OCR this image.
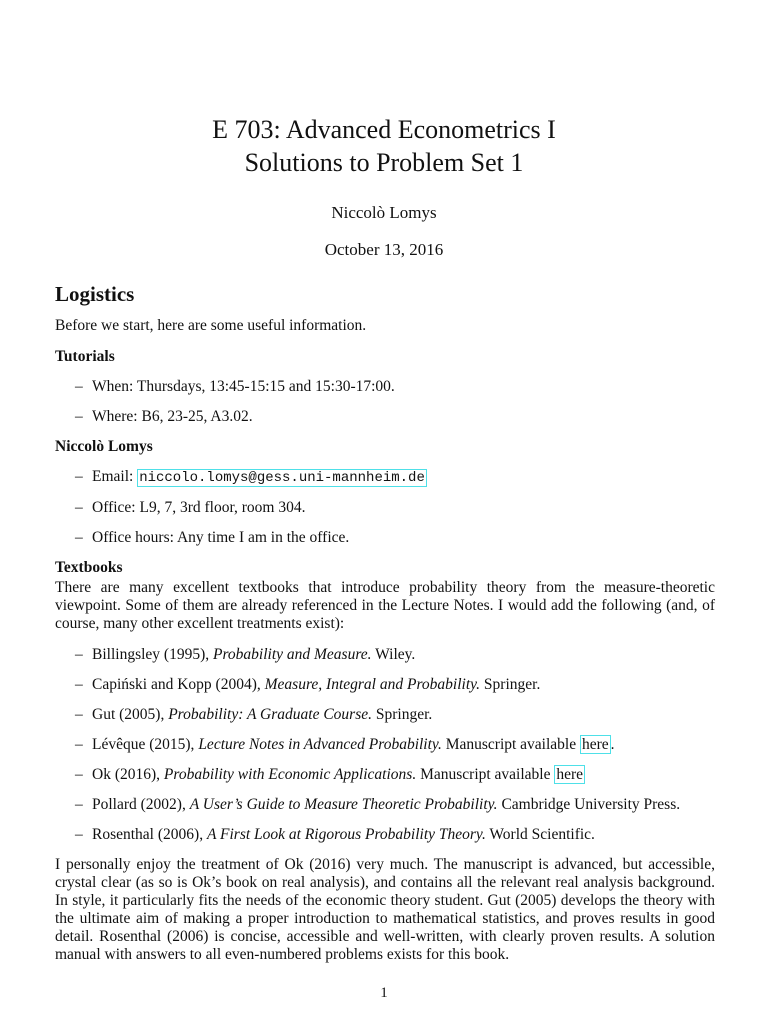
E 703: Advanced Econometrics I
Solutions to Problem Set 1
Niccolò Lomys
October 13, 2016
Logistics

Before we start, here are some useful information.

Tutorials
– When: Thursdays, 13:45-15:15 and 15:30-17:00.
– Where: B6, 23-25, A3.02.
Niccolò Lomys
– Email: niccolo.lomys@gess.uni-mannheim.de
– Office: L9, 7, 3rd floor, room 304.
– Office hours: Any time I am in the office.
Textbooks

There are many excellent textbooks that introduce probability theory from the measure-theoretic viewpoint. Some of them are already referenced in the Lecture Notes. I would add the following (and, of course, many other excellent treatments exist):

– Billingsley (1995), Probability and Measure. Wiley.
– Capiński and Kopp (2004), Measure, Integral and Probability. Springer.
– Gut (2005), Probability: A Graduate Course. Springer.
– Lévêque (2015), Lecture Notes in Advanced Probability. Manuscript available here .
– Ok (2016), Probability with Economic Applications. Manuscript available here
– Pollard (2002), A User’s Guide to Measure Theoretic Probability. Cambridge University Press.
– Rosenthal (2006), A First Look at Rigorous Probability Theory. World Scientific.

I personally enjoy the treatment of Ok (2016) very much. The manuscript is advanced, but accessible, crystal clear (as so is Ok’s book on real analysis), and contains all the relevant real analysis background. In style, it particularly fits the needs of the economic theory student. Gut (2005) develops the theory with the ultimate aim of making a proper introduction to mathematical statistics, and proves results in good detail. Rosenthal (2006) is concise, accessible and well-written, with clearly proven results. A solution manual with answers to all even-numbered problems exists for this book.

1
